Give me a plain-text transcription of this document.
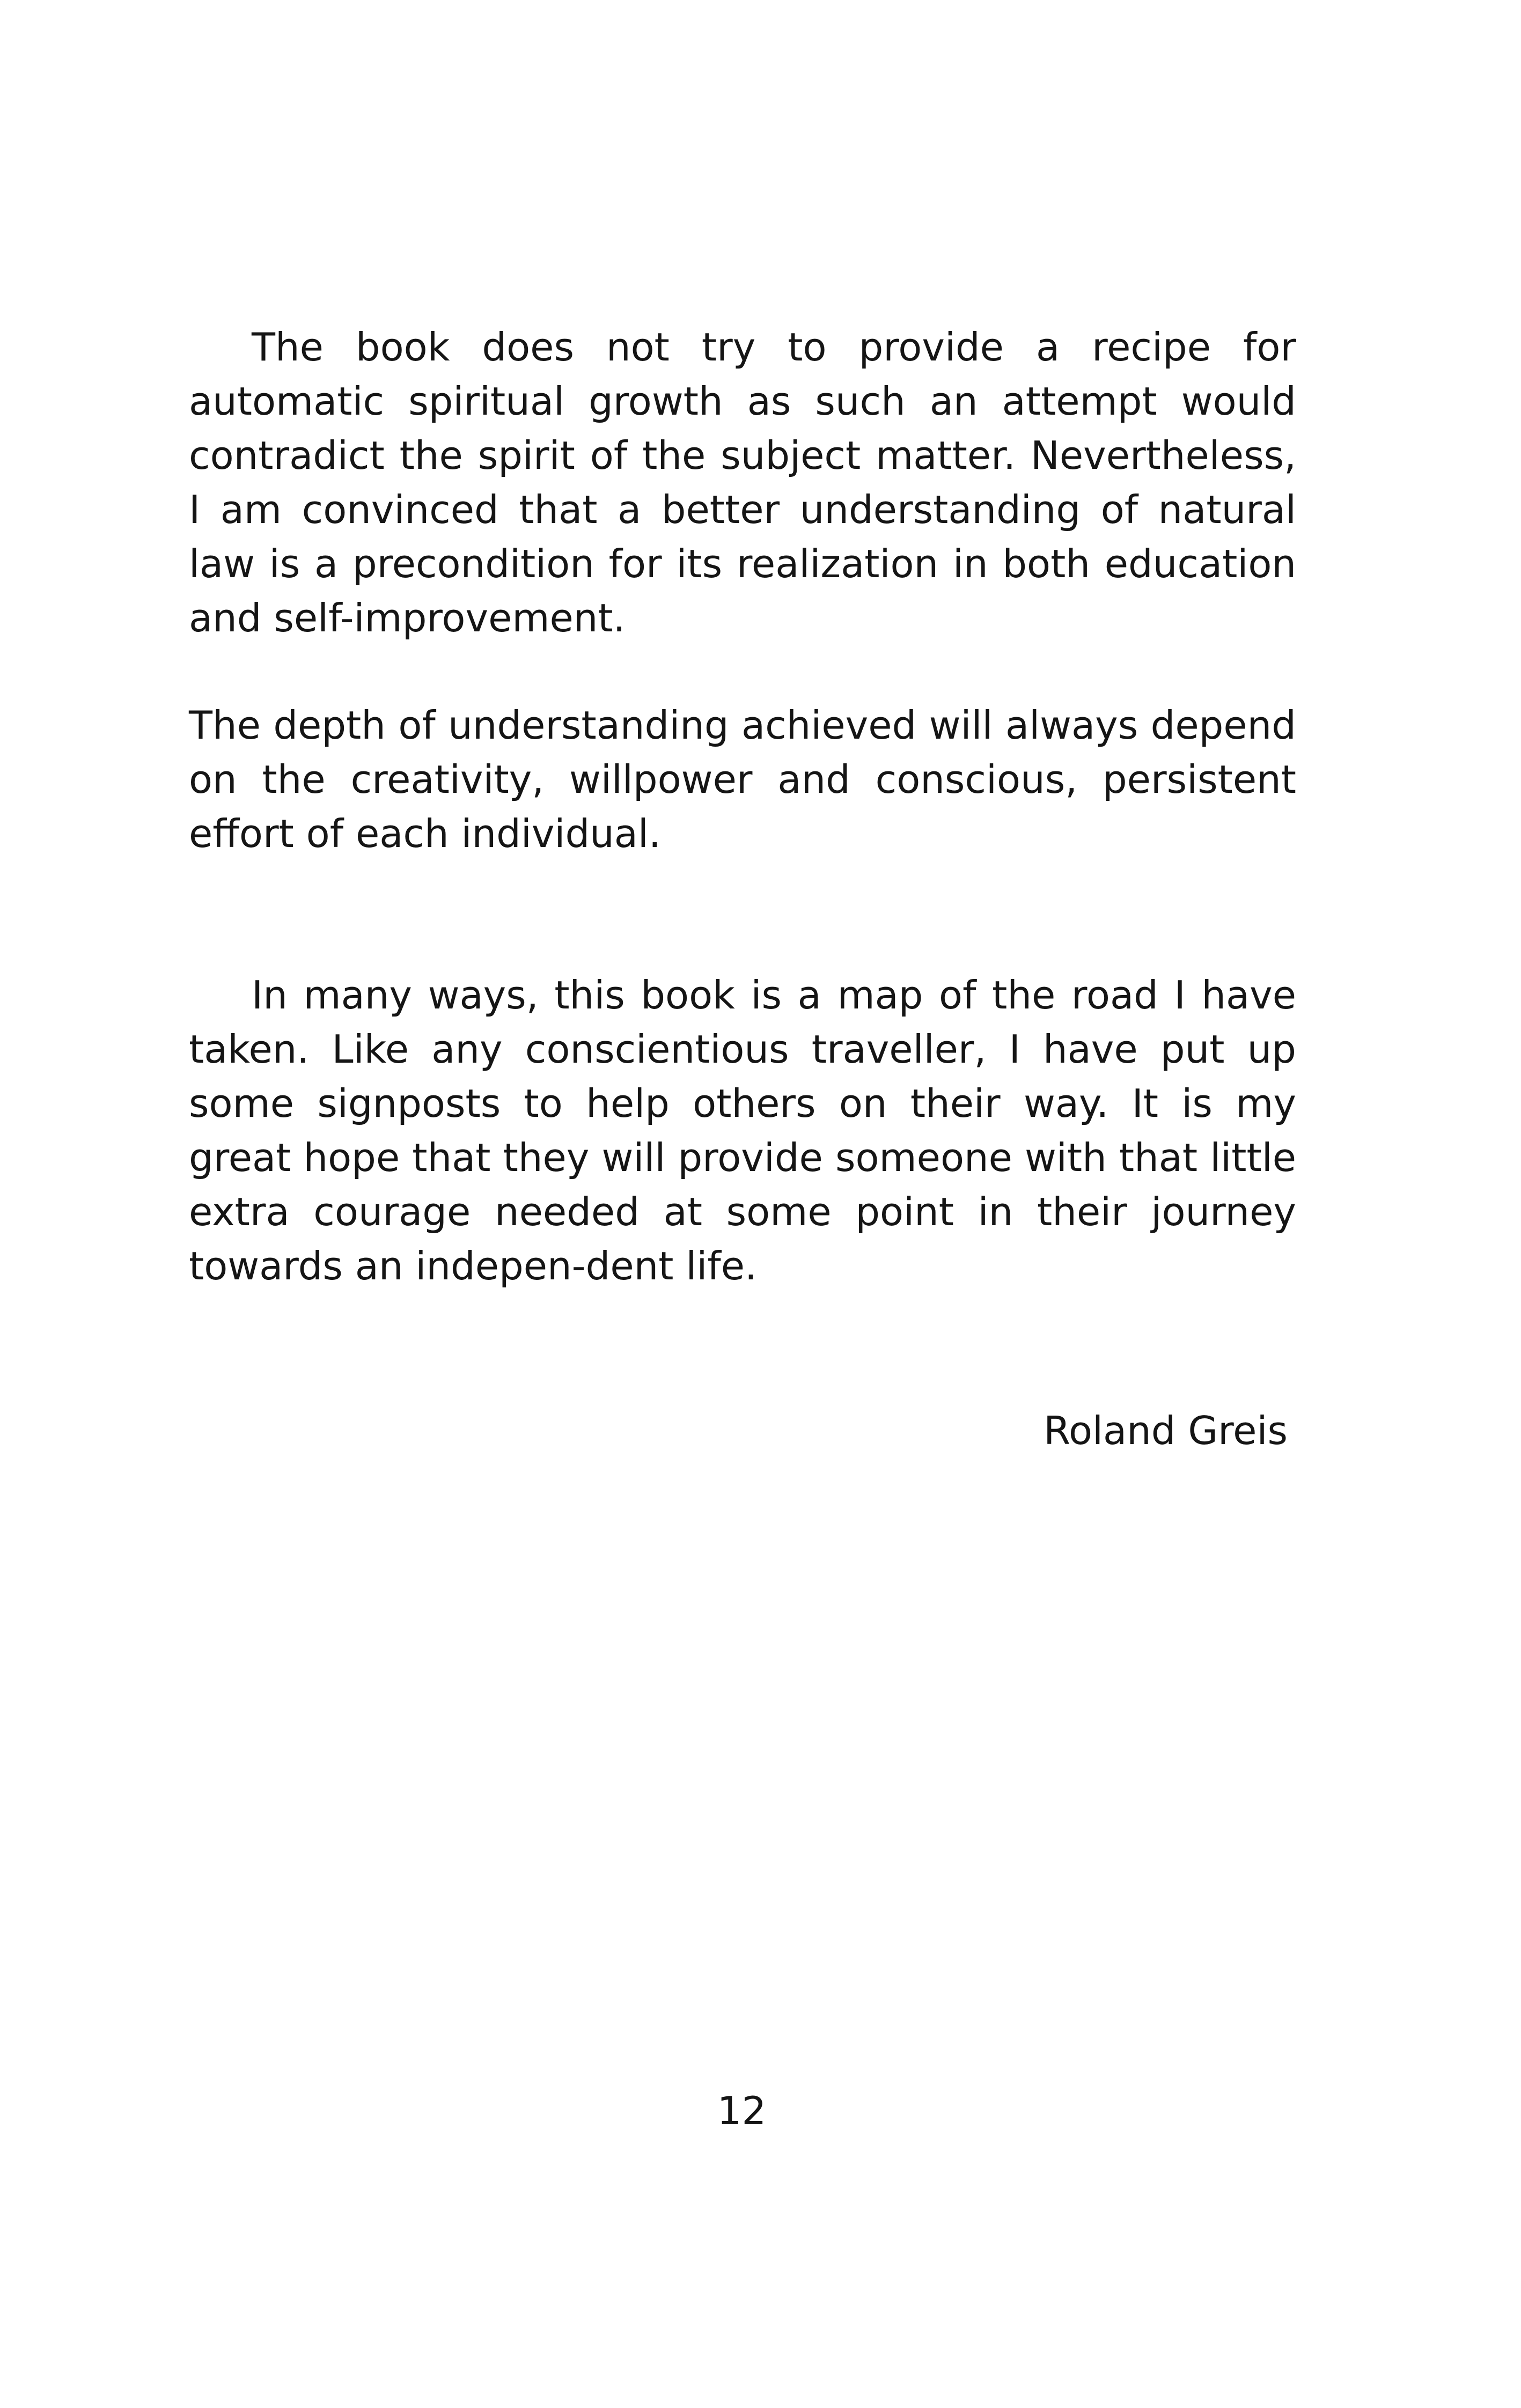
The book does not try to provide a recipe for automatic spiritual growth as such an attempt would contradict the spirit of the subject matter. Nevertheless, I am convinced that a better understanding of natural law is a precondition for its realization in both education and self-improvement.

The depth of understanding achieved will always depend on the creativity, willpower and conscious, persistent effort of each individual.

In many ways, this book is a map of the road I have taken. Like any conscientious traveller, I have put up some signposts to help others on their way. It is my great hope that they will provide someone with that little extra courage needed at some point in their journey towards an indepen-dent life.

Roland Greis

12
